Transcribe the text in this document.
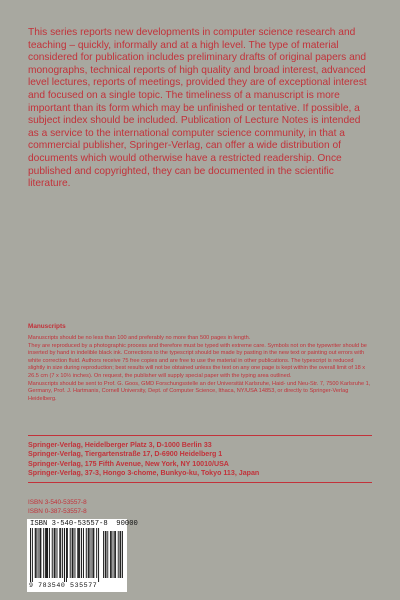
This series reports new developments in computer science research and teaching – quickly, informally and at a high level. The type of material considered for publication includes preliminary drafts of original papers and monographs, technical reports of high quality and broad interest, advanced level lectures, reports of meetings, provided they are of exceptional interest and focused on a single topic. The timeliness of a manuscript is more important than its form which may be unfinished or tentative. If possible, a subject index should be included. Publication of Lecture Notes is intended as a service to the international computer science community, in that a commercial publisher, Springer-Verlag, can offer a wide distribution of documents which would otherwise have a restricted readership. Once published and copyrighted, they can be documented in the scientific literature.

Manuscripts

Manuscripts should be no less than 100 and preferably no more than 500 pages in length.

They are reproduced by a photographic process and therefore must be typed with extreme care. Symbols not on the typewriter should be inserted by hand in indelible black ink. Corrections to the typescript should be made by pasting in the new text or painting out errors with white correction fluid. Authors receive 75 free copies and are free to use the material in other publications. The typescript is reduced slightly in size during reproduction; best results will not be obtained unless the text on any one page is kept within the overall limit of 18 x 26.5 cm (7 x 10½ inches). On request, the publisher will supply special paper with the typing area outlined.

Manuscripts should be sent to Prof. G. Goos, GMD Forschungsstelle an der Universität Karlsruhe, Haid- und Neu-Str. 7, 7500 Karlsruhe 1, Germany, Prof. J. Hartmanis, Cornell University, Dept. of Computer Science, Ithaca, NY/USA 14853, or directly to Springer-Verlag Heidelberg.

Springer-Verlag, Heidelberger Platz 3, D-1000 Berlin 33
Springer-Verlag, Tiergartenstraße 17, D-6900 Heidelberg 1
Springer-Verlag, 175 Fifth Avenue, New York, NY 10010/USA
Springer-Verlag, 37-3, Hongo 3-chome, Bunkyo-ku, Tokyo 113, Japan
ISBN 3-540-53557-8
ISBN 0-387-53557-8
ISBN 3-540-53557-8 90000
9 783540 535577
